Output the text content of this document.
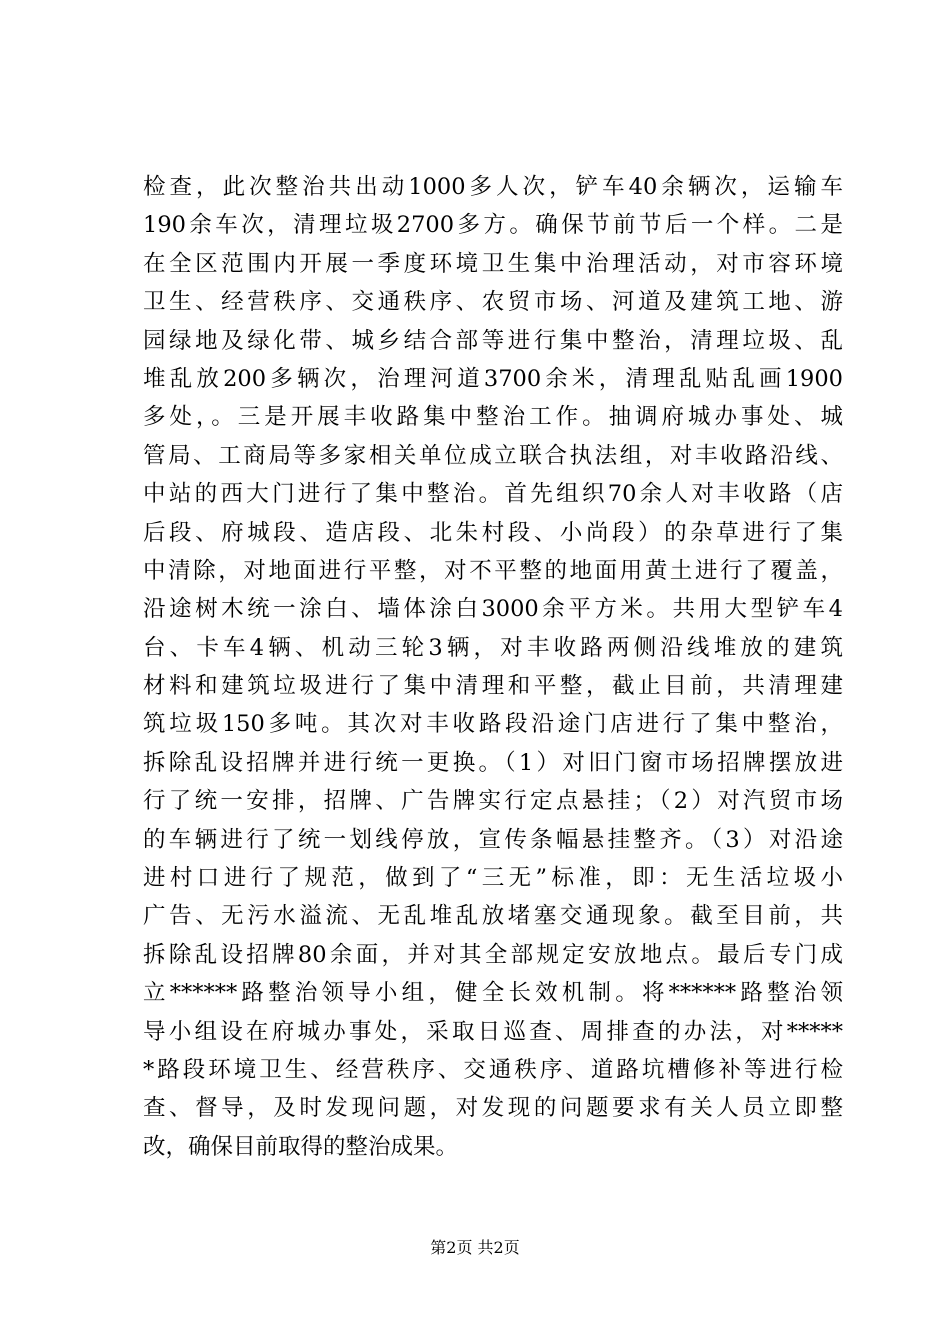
检查，此次整治共出动1000多人次，铲车40余辆次，运输车
190余车次，清理垃圾2700多方。确保节前节后一个样。二是
在全区范围内开展一季度环境卫生集中治理活动，对市容环境
卫生、经营秩序、交通秩序、农贸市场、河道及建筑工地、游
园绿地及绿化带、城乡结合部等进行集中整治，清理垃圾、乱
堆乱放200多辆次，治理河道3700余米，清理乱贴乱画1900
多处，。三是开展丰收路集中整治工作。抽调府城办事处、城
管局、工商局等多家相关单位成立联合执法组，对丰收路沿线、
中站的西大门进行了集中整治。首先组织70余人对丰收路（店
后段、府城段、造店段、北朱村段、小尚段）的杂草进行了集
中清除，对地面进行平整，对不平整的地面用黄土进行了覆盖，
沿途树木统一涂白、墙体涂白3000余平方米。共用大型铲车4
台、卡车4辆、机动三轮3辆，对丰收路两侧沿线堆放的建筑
材料和建筑垃圾进行了集中清理和平整，截止目前，共清理建
筑垃圾150多吨。其次对丰收路段沿途门店进行了集中整治，
拆除乱设招牌并进行统一更换。（1）对旧门窗市场招牌摆放进
行了统一安排，招牌、广告牌实行定点悬挂；（2）对汽贸市场
的车辆进行了统一划线停放，宣传条幅悬挂整齐。（3）对沿途
进村口进行了规范，做到了“三无”标准，即：无生活垃圾小
广告、无污水溢流、无乱堆乱放堵塞交通现象。截至目前，共
拆除乱设招牌80余面，并对其全部规定安放地点。最后专门成
立******路整治领导小组，健全长效机制。将******路整治领
导小组设在府城办事处，采取日巡查、周排查的办法，对*****
*路段环境卫生、经营秩序、交通秩序、道路坑槽修补等进行检
查、督导，及时发现问题，对发现的问题要求有关人员立即整
改，确保目前取得的整治成果。
第2页 共2页
